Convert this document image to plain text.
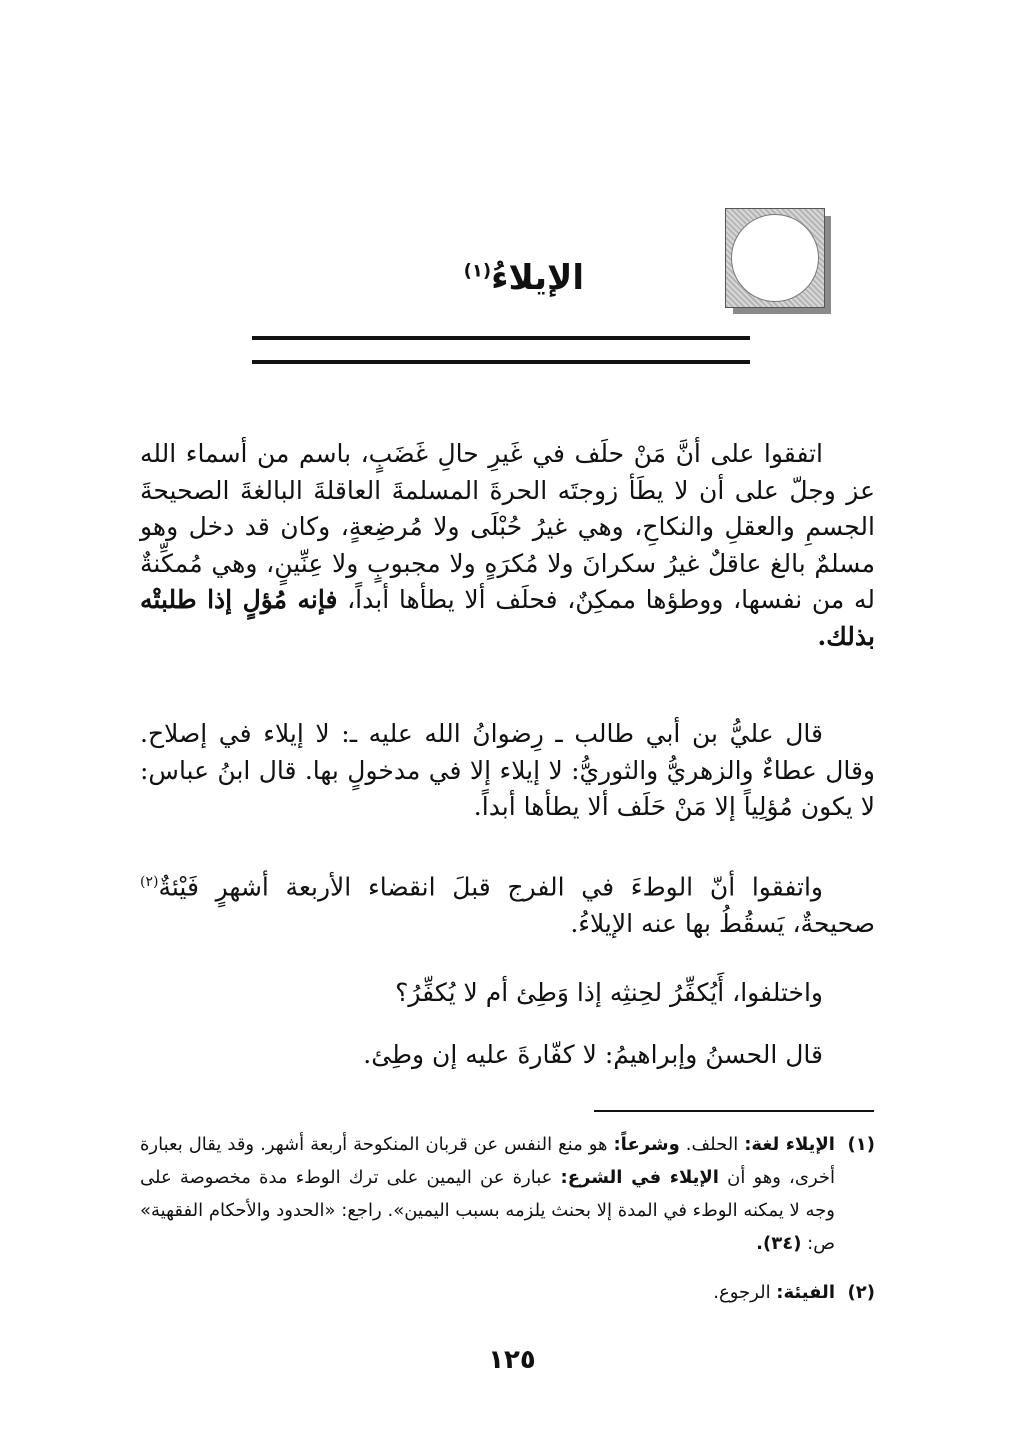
الإيلاءُ$^{(١)}$

اتفقوا على أنَّ مَنْ حلَف في غَيرِ حالِ غَضَبٍ، باسم من أسماء الله عز وجلّ على أن لا يطَأ زوجتَه الحرةَ المسلمةَ العاقلةَ البالغةَ الصحيحةَ الجسمِ والعقلِ والنكاحِ، وهي غيرُ حُبْلَى ولا مُرضِعةٍ، وكان قد دخل وهو مسلمٌ بالغ عاقلٌ غيرُ سكرانَ ولا مُكرَهٍ ولا مجبوبٍ ولا عِنِّينٍ، وهي مُمكِّنةٌ له من نفسها، ووطؤها ممكِنٌ، فحلَف ألا يطأها أبداً، فإنه مُؤلٍ إذا طلبتْه بذلك.

قال عليُّ بن أبي طالب ـ رِضوانُ الله عليه ـ: لا إيلاء في إصلاح. وقال عطاءٌ والزهريُّ والثوريُّ: لا إيلاء إلا في مدخولٍ بها. قال ابنُ عباس: لا يكون مُؤلِياً إلا مَنْ حَلَف ألا يطأها أبداً.

واتفقوا أنّ الوطءَ في الفرج قبلَ انقضاء الأربعة أشهرٍ فَيْئةٌ$^{(٢)}$ صحيحةٌ، يَسقُطُ بها عنه الإيلاءُ.

واختلفوا، أَيُكفِّرُ لحِنثِه إذا وَطِئ أم لا يُكفِّرُ؟

قال الحسنُ وإبراهيمُ: لا كفّارةَ عليه إن وطِئ.

(١)
الإيلاء لغة: الحلف. وشرعاً: هو منع النفس عن قربان المنكوحة أربعة أشهر. وقد يقال بعبارة أخرى، وهو أن الإيلاء في الشرع: عبارة عن اليمين على ترك الوطء مدة مخصوصة على وجه لا يمكنه الوطء في المدة إلا بحنث يلزمه بسبب اليمين». راجع: «الحدود والأحكام الفقهية» ص: (٣٤).
(٢)
الفيئة: الرجوع.
١٢٥
